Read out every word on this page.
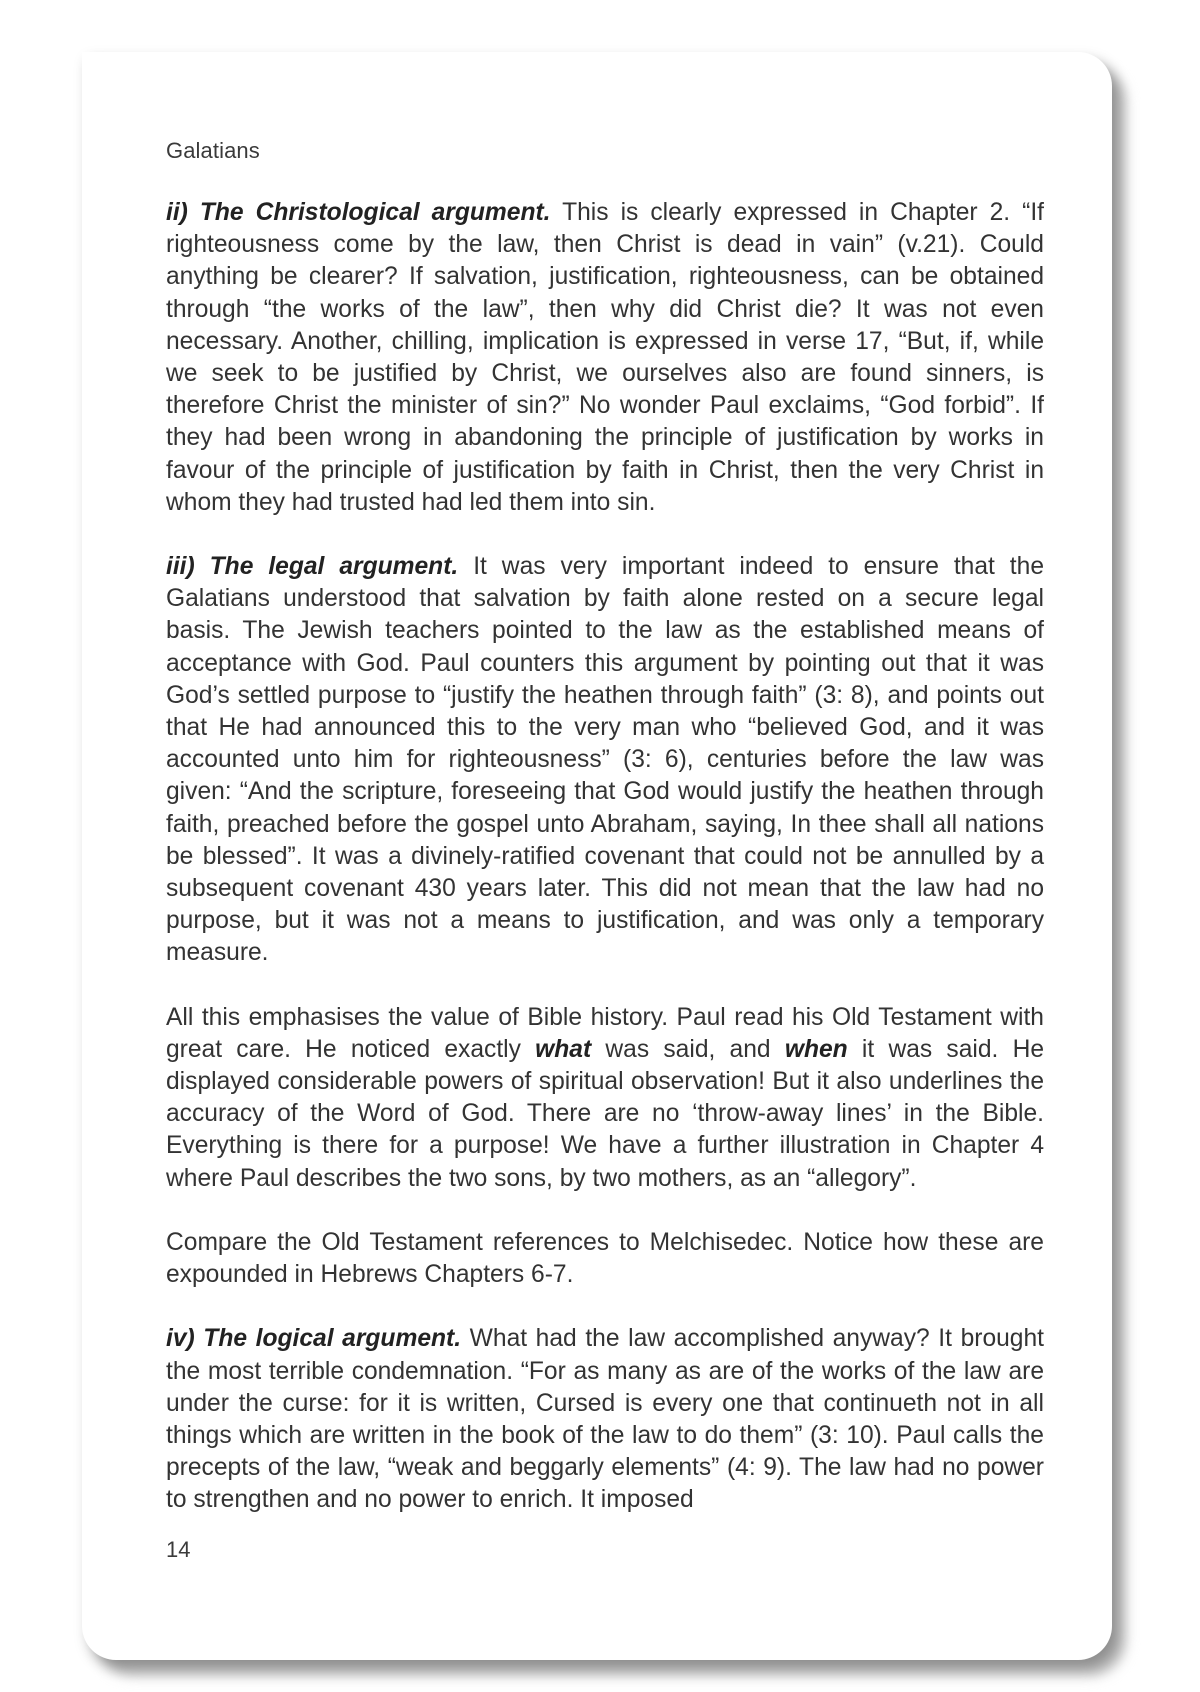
Galatians

ii) The Christological argument. This is clearly expressed in Chapter 2. “If righteousness come by the law, then Christ is dead in vain” (v.21). Could anything be clearer? If salvation, justification, righteousness, can be obtained through “the works of the law”, then why did Christ die? It was not even necessary. Another, chilling, implication is expressed in verse 17, “But, if, while we seek to be justified by Christ, we ourselves also are found sinners, is therefore Christ the minister of sin?” No wonder Paul exclaims, “God forbid”. If they had been wrong in abandoning the principle of justification by works in favour of the principle of justification by faith in Christ, then the very Christ in whom they had trusted had led them into sin.

iii) The legal argument. It was very important indeed to ensure that the Galatians understood that salvation by faith alone rested on a secure legal basis. The Jewish teachers pointed to the law as the established means of acceptance with God. Paul counters this argument by pointing out that it was God’s settled purpose to “justify the heathen through faith” (3: 8), and points out that He had announced this to the very man who “believed God, and it was accounted unto him for righteousness” (3: 6), centuries before the law was given: “And the scripture, foreseeing that God would justify the heathen through faith, preached before the gospel unto Abraham, saying, In thee shall all nations be blessed”. It was a divinely-ratified covenant that could not be annulled by a subsequent covenant 430 years later. This did not mean that the law had no purpose, but it was not a means to justification, and was only a temporary measure.

All this emphasises the value of Bible history. Paul read his Old Testament with great care. He noticed exactly what was said, and when it was said. He displayed considerable powers of spiritual observation! But it also underlines the accuracy of the Word of God. There are no ‘throw-away lines’ in the Bible. Everything is there for a purpose! We have a further illustration in Chapter 4 where Paul describes the two sons, by two mothers, as an “allegory”.

Compare the Old Testament references to Melchisedec. Notice how these are expounded in Hebrews Chapters 6-7.

iv) The logical argument. What had the law accomplished anyway? It brought the most terrible condemnation. “For as many as are of the works of the law are under the curse: for it is written, Cursed is every one that continueth not in all things which are written in the book of the law to do them” (3: 10). Paul calls the precepts of the law, “weak and beggarly elements” (4: 9). The law had no power to strengthen and no power to enrich. It imposed

14
